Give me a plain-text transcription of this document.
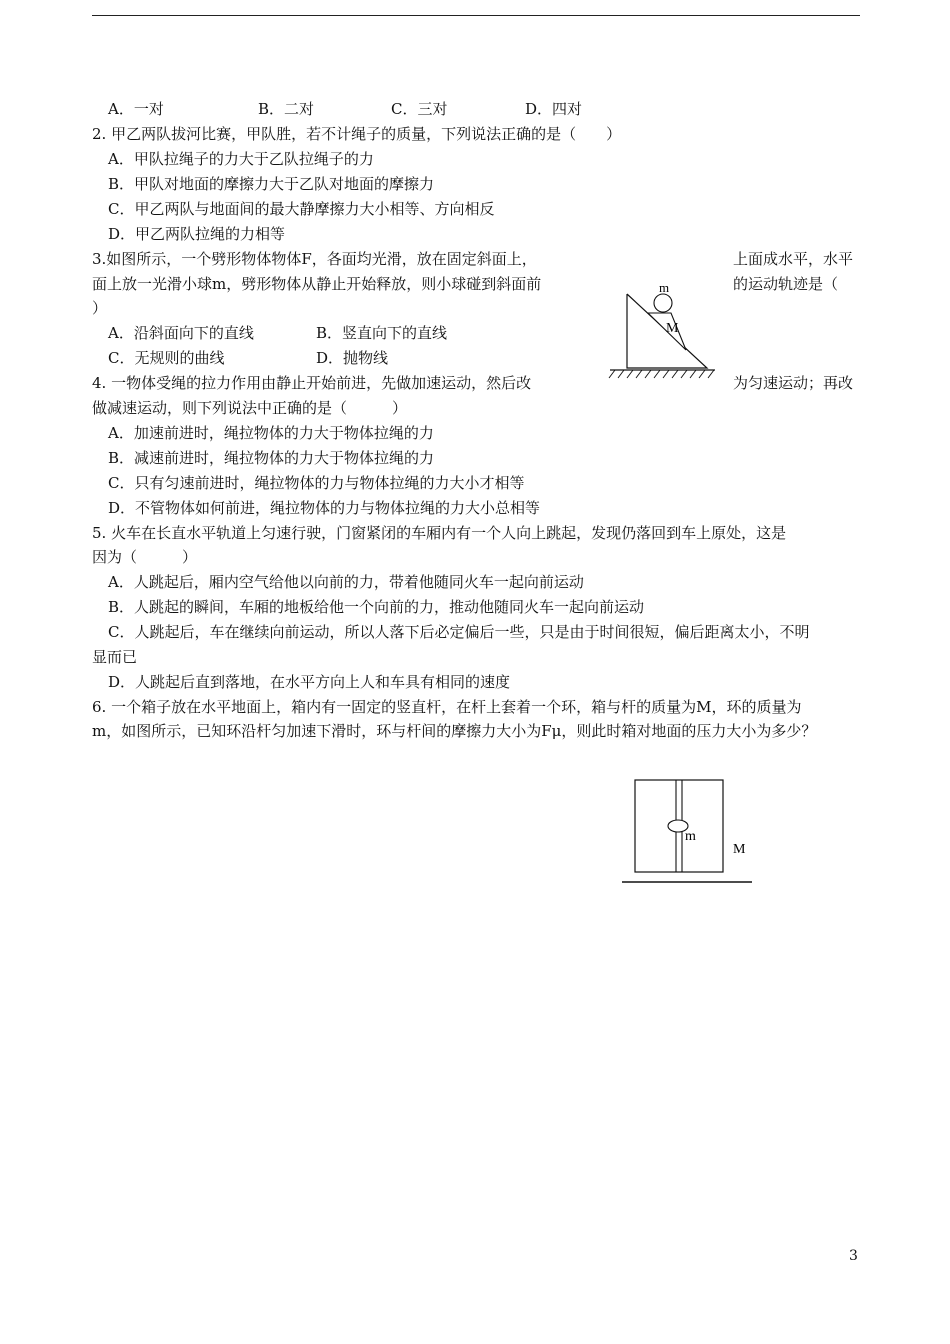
A．一对	B．二对	C．三对	D．四对
2. 甲乙两队拔河比赛，甲队胜，若不计绳子的质量，下列说法正确的是（　　）
A．甲队拉绳子的力大于乙队拉绳子的力
B．甲队对地面的摩擦力大于乙队对地面的摩擦力
C．甲乙两队与地面间的最大静摩擦力大小相等、方向相反
D．甲乙两队拉绳的力相等
3.如图所示，一个劈形物体物体F，各面均光滑，放在固定斜面上，	上面成水平，水平
面上放一光滑小球m，劈形物体从静止开始释放，则小球碰到斜面前	的运动轨迹是（
）
A．沿斜面向下的直线	B．竖直向下的直线
C．无规则的曲线	D．抛物线
m
M
4. 一物体受绳的拉力作用由静止开始前进，先做加速运动，然后改	为匀速运动；再改
做减速运动，则下列说法中正确的是（　　　）
A．加速前进时，绳拉物体的力大于物体拉绳的力
B．减速前进时，绳拉物体的力大于物体拉绳的力
C．只有匀速前进时，绳拉物体的力与物体拉绳的力大小才相等
D．不管物体如何前进，绳拉物体的力与物体拉绳的力大小总相等
5. 火车在长直水平轨道上匀速行驶，门窗紧闭的车厢内有一个人向上跳起，发现仍落回到车上原处，这是
因为（　　　）
A．人跳起后，厢内空气给他以向前的力，带着他随同火车一起向前运动
B．人跳起的瞬间，车厢的地板给他一个向前的力，推动他随同火车一起向前运动
C．人跳起后，车在继续向前运动，所以人落下后必定偏后一些，只是由于时间很短，偏后距离太小，不明
显而已
D．人跳起后直到落地，在水平方向上人和车具有相同的速度
6. 一个箱子放在水平地面上，箱内有一固定的竖直杆，在杆上套着一个环，箱与杆的质量为M，环的质量为
m，如图所示，已知环沿杆匀加速下滑时，环与杆间的摩擦力大小为Fμ，则此时箱对地面的压力大小为多少？
m
M
3
